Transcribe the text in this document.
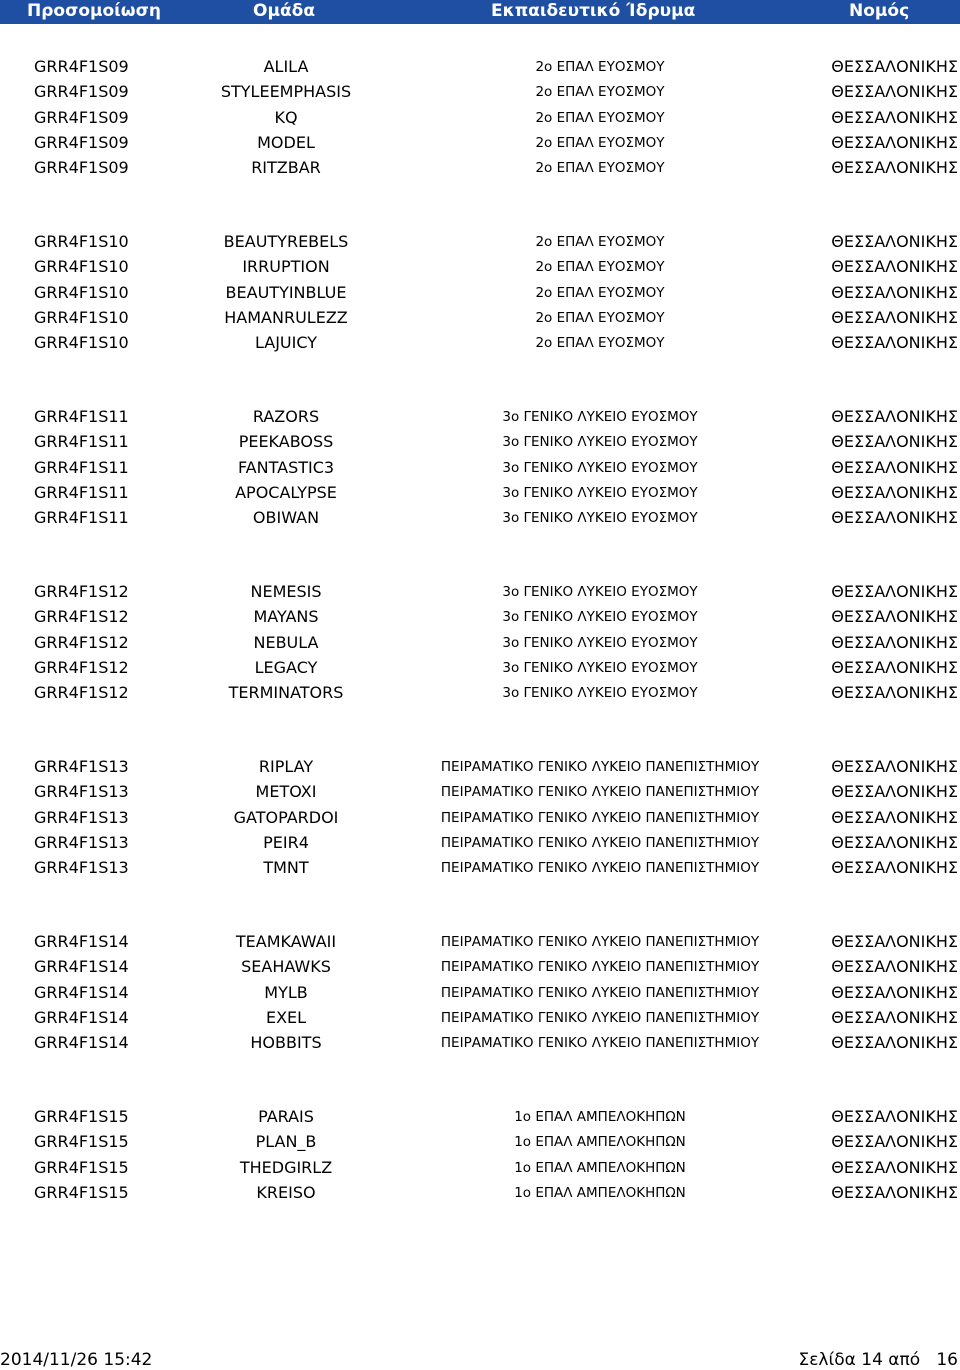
Προσομοίωση	Ομάδα	Εκπαιδευτικό Ίδρυμα	Νομός
GRR4F1S09	ALILA	2ο ΕΠΑΛ ΕΥΟΣΜΟΥ	ΘΕΣΣΑΛΟΝΙΚΗΣ
GRR4F1S09	STYLEEMPHASIS	2ο ΕΠΑΛ ΕΥΟΣΜΟΥ	ΘΕΣΣΑΛΟΝΙΚΗΣ
GRR4F1S09	KQ	2ο ΕΠΑΛ ΕΥΟΣΜΟΥ	ΘΕΣΣΑΛΟΝΙΚΗΣ
GRR4F1S09	MODEL	2ο ΕΠΑΛ ΕΥΟΣΜΟΥ	ΘΕΣΣΑΛΟΝΙΚΗΣ
GRR4F1S09	RITZBAR	2ο ΕΠΑΛ ΕΥΟΣΜΟΥ	ΘΕΣΣΑΛΟΝΙΚΗΣ
GRR4F1S10	BEAUTYREBELS	2ο ΕΠΑΛ ΕΥΟΣΜΟΥ	ΘΕΣΣΑΛΟΝΙΚΗΣ
GRR4F1S10	IRRUPTION	2ο ΕΠΑΛ ΕΥΟΣΜΟΥ	ΘΕΣΣΑΛΟΝΙΚΗΣ
GRR4F1S10	BEAUTYINBLUE	2ο ΕΠΑΛ ΕΥΟΣΜΟΥ	ΘΕΣΣΑΛΟΝΙΚΗΣ
GRR4F1S10	HAMANRULEZZ	2ο ΕΠΑΛ ΕΥΟΣΜΟΥ	ΘΕΣΣΑΛΟΝΙΚΗΣ
GRR4F1S10	LAJUICY	2ο ΕΠΑΛ ΕΥΟΣΜΟΥ	ΘΕΣΣΑΛΟΝΙΚΗΣ
GRR4F1S11	RAZORS	3ο ΓΕΝΙΚΟ ΛΥΚΕΙΟ ΕΥΟΣΜΟΥ	ΘΕΣΣΑΛΟΝΙΚΗΣ
GRR4F1S11	PEEKABOSS	3ο ΓΕΝΙΚΟ ΛΥΚΕΙΟ ΕΥΟΣΜΟΥ	ΘΕΣΣΑΛΟΝΙΚΗΣ
GRR4F1S11	FANTASTIC3	3ο ΓΕΝΙΚΟ ΛΥΚΕΙΟ ΕΥΟΣΜΟΥ	ΘΕΣΣΑΛΟΝΙΚΗΣ
GRR4F1S11	APOCALYPSE	3ο ΓΕΝΙΚΟ ΛΥΚΕΙΟ ΕΥΟΣΜΟΥ	ΘΕΣΣΑΛΟΝΙΚΗΣ
GRR4F1S11	OBIWAN	3ο ΓΕΝΙΚΟ ΛΥΚΕΙΟ ΕΥΟΣΜΟΥ	ΘΕΣΣΑΛΟΝΙΚΗΣ
GRR4F1S12	NEMESIS	3ο ΓΕΝΙΚΟ ΛΥΚΕΙΟ ΕΥΟΣΜΟΥ	ΘΕΣΣΑΛΟΝΙΚΗΣ
GRR4F1S12	MAYANS	3ο ΓΕΝΙΚΟ ΛΥΚΕΙΟ ΕΥΟΣΜΟΥ	ΘΕΣΣΑΛΟΝΙΚΗΣ
GRR4F1S12	NEBULA	3ο ΓΕΝΙΚΟ ΛΥΚΕΙΟ ΕΥΟΣΜΟΥ	ΘΕΣΣΑΛΟΝΙΚΗΣ
GRR4F1S12	LEGACY	3ο ΓΕΝΙΚΟ ΛΥΚΕΙΟ ΕΥΟΣΜΟΥ	ΘΕΣΣΑΛΟΝΙΚΗΣ
GRR4F1S12	TERMINATORS	3ο ΓΕΝΙΚΟ ΛΥΚΕΙΟ ΕΥΟΣΜΟΥ	ΘΕΣΣΑΛΟΝΙΚΗΣ
GRR4F1S13	RIPLAY	ΠΕΙΡΑΜΑΤΙΚΟ ΓΕΝΙΚΟ ΛΥΚΕΙΟ ΠΑΝΕΠΙΣΤΗΜΙΟΥ	ΘΕΣΣΑΛΟΝΙΚΗΣ
GRR4F1S13	METOXI	ΠΕΙΡΑΜΑΤΙΚΟ ΓΕΝΙΚΟ ΛΥΚΕΙΟ ΠΑΝΕΠΙΣΤΗΜΙΟΥ	ΘΕΣΣΑΛΟΝΙΚΗΣ
GRR4F1S13	GATOPARDOI	ΠΕΙΡΑΜΑΤΙΚΟ ΓΕΝΙΚΟ ΛΥΚΕΙΟ ΠΑΝΕΠΙΣΤΗΜΙΟΥ	ΘΕΣΣΑΛΟΝΙΚΗΣ
GRR4F1S13	PEIR4	ΠΕΙΡΑΜΑΤΙΚΟ ΓΕΝΙΚΟ ΛΥΚΕΙΟ ΠΑΝΕΠΙΣΤΗΜΙΟΥ	ΘΕΣΣΑΛΟΝΙΚΗΣ
GRR4F1S13	TMNT	ΠΕΙΡΑΜΑΤΙΚΟ ΓΕΝΙΚΟ ΛΥΚΕΙΟ ΠΑΝΕΠΙΣΤΗΜΙΟΥ	ΘΕΣΣΑΛΟΝΙΚΗΣ
GRR4F1S14	TEAMKAWAII	ΠΕΙΡΑΜΑΤΙΚΟ ΓΕΝΙΚΟ ΛΥΚΕΙΟ ΠΑΝΕΠΙΣΤΗΜΙΟΥ	ΘΕΣΣΑΛΟΝΙΚΗΣ
GRR4F1S14	SEAHAWKS	ΠΕΙΡΑΜΑΤΙΚΟ ΓΕΝΙΚΟ ΛΥΚΕΙΟ ΠΑΝΕΠΙΣΤΗΜΙΟΥ	ΘΕΣΣΑΛΟΝΙΚΗΣ
GRR4F1S14	MYLB	ΠΕΙΡΑΜΑΤΙΚΟ ΓΕΝΙΚΟ ΛΥΚΕΙΟ ΠΑΝΕΠΙΣΤΗΜΙΟΥ	ΘΕΣΣΑΛΟΝΙΚΗΣ
GRR4F1S14	EXEL	ΠΕΙΡΑΜΑΤΙΚΟ ΓΕΝΙΚΟ ΛΥΚΕΙΟ ΠΑΝΕΠΙΣΤΗΜΙΟΥ	ΘΕΣΣΑΛΟΝΙΚΗΣ
GRR4F1S14	HOBBITS	ΠΕΙΡΑΜΑΤΙΚΟ ΓΕΝΙΚΟ ΛΥΚΕΙΟ ΠΑΝΕΠΙΣΤΗΜΙΟΥ	ΘΕΣΣΑΛΟΝΙΚΗΣ
GRR4F1S15	PARAIS	1ο ΕΠΑΛ ΑΜΠΕΛΟΚΗΠΩΝ	ΘΕΣΣΑΛΟΝΙΚΗΣ
GRR4F1S15	PLAN_B	1ο ΕΠΑΛ ΑΜΠΕΛΟΚΗΠΩΝ	ΘΕΣΣΑΛΟΝΙΚΗΣ
GRR4F1S15	THEDGIRLZ	1ο ΕΠΑΛ ΑΜΠΕΛΟΚΗΠΩΝ	ΘΕΣΣΑΛΟΝΙΚΗΣ
GRR4F1S15	KREISO	1ο ΕΠΑΛ ΑΜΠΕΛΟΚΗΠΩΝ	ΘΕΣΣΑΛΟΝΙΚΗΣ
2014/11/26 15:42	Σελίδα 14 από 16
